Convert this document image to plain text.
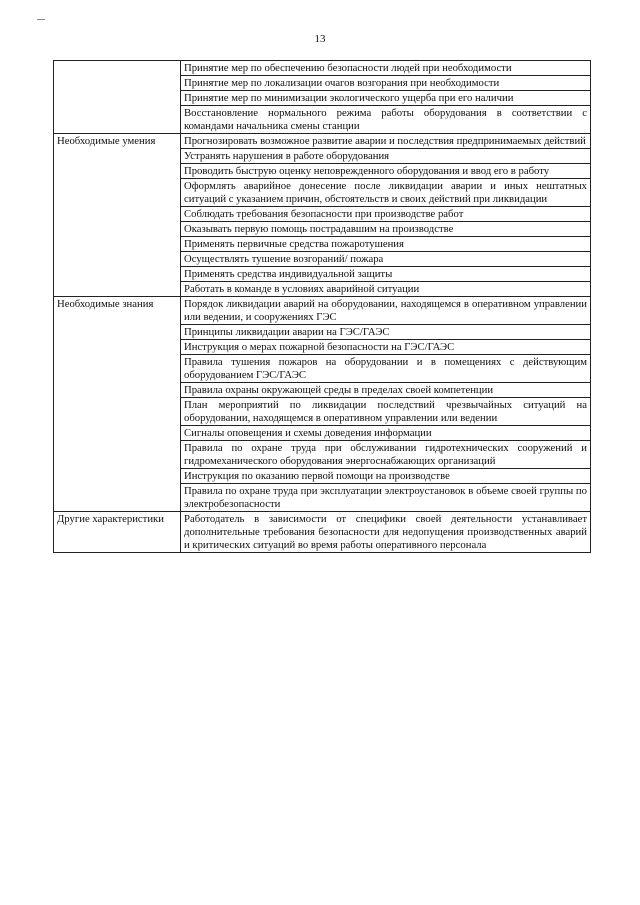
13
	Принятие мер по обеспечению безопасности людей при необходимости
	Принятие мер по локализации очагов возгорания при необходимости
	Принятие мер по минимизации экологического ущерба при его наличии
	Восстановление нормального режима работы оборудования в соответствии с командами начальника смены станции
Необходимые умения	Прогнозировать возможное развитие аварии и последствия предпринимаемых действий
	Устранять нарушения в работе оборудования
	Проводить быструю оценку неповрежденного оборудования и ввод его в работу
	Оформлять аварийное донесение после ликвидации аварии и иных нештатных ситуаций с указанием причин, обстоятельств и своих действий при ликвидации
	Соблюдать требования безопасности при производстве работ
	Оказывать первую помощь пострадавшим на производстве
	Применять первичные средства пожаротушения
	Осуществлять тушение возгораний/ пожара
	Применять средства индивидуальной защиты
	Работать в команде в условиях аварийной ситуации
Необходимые знания	Порядок ликвидации аварий на оборудовании, находящемся в оперативном управлении или ведении, и сооружениях ГЭС
	Принципы ликвидации аварии на ГЭС/ГАЭС
	Инструкция о мерах пожарной безопасности на ГЭС/ГАЭС
	Правила тушения пожаров на оборудовании и в помещениях с действующим оборудованием ГЭС/ГАЭС
	Правила охраны окружающей среды в пределах своей компетенции
	План мероприятий по ликвидации последствий чрезвычайных ситуаций на оборудовании, находящемся в оперативном управлении или ведении
	Сигналы оповещения и схемы доведения информации
	Правила по охране труда при обслуживании гидротехнических сооружений и гидромеханического оборудования энергоснабжающих организаций
	Инструкция по оказанию первой помощи на производстве
	Правила по охране труда при эксплуатации электроустановок в объеме своей группы по электробезопасности
Другие характеристики	Работодатель в зависимости от специфики своей деятельности устанавливает дополнительные требования безопасности для недопущения производственных аварий и критических ситуаций во время работы оперативного персонала
